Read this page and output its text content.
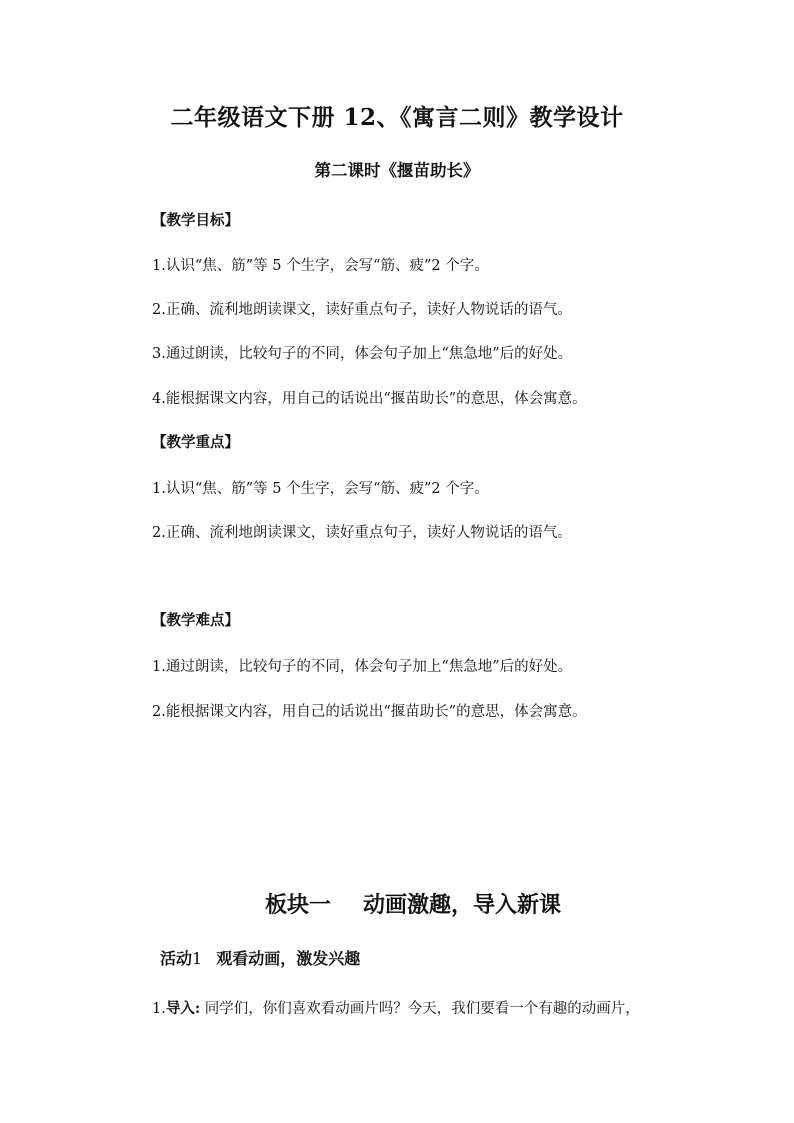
二年级语文下册 12、《寓言二则》教学设计
第二课时《揠苗助长》
【教学目标】
1.认识“焦、筋”等 5 个生字，会写“筋、疲”2 个字。
2.正确、流利地朗读课文，读好重点句子，读好人物说话的语气。
3.通过朗读，比较句子的不同，体会句子加上“焦急地”后的好处。
4.能根据课文内容，用自己的话说出“揠苗助长”的意思，体会寓意。
【教学重点】
1.认识“焦、筋”等 5 个生字，会写“筋、疲”2 个字。
2.正确、流利地朗读课文，读好重点句子，读好人物说话的语气。
【教学难点】
1.通过朗读，比较句子的不同，体会句子加上“焦急地”后的好处。
2.能根据课文内容，用自己的话说出“揠苗助长”的意思，体会寓意。
板块一 动画激趣，导入新课
活动1 观看动画，激发兴趣
1.导入: 同学们，你们喜欢看动画片吗？今天，我们要看一个有趣的动画片，
